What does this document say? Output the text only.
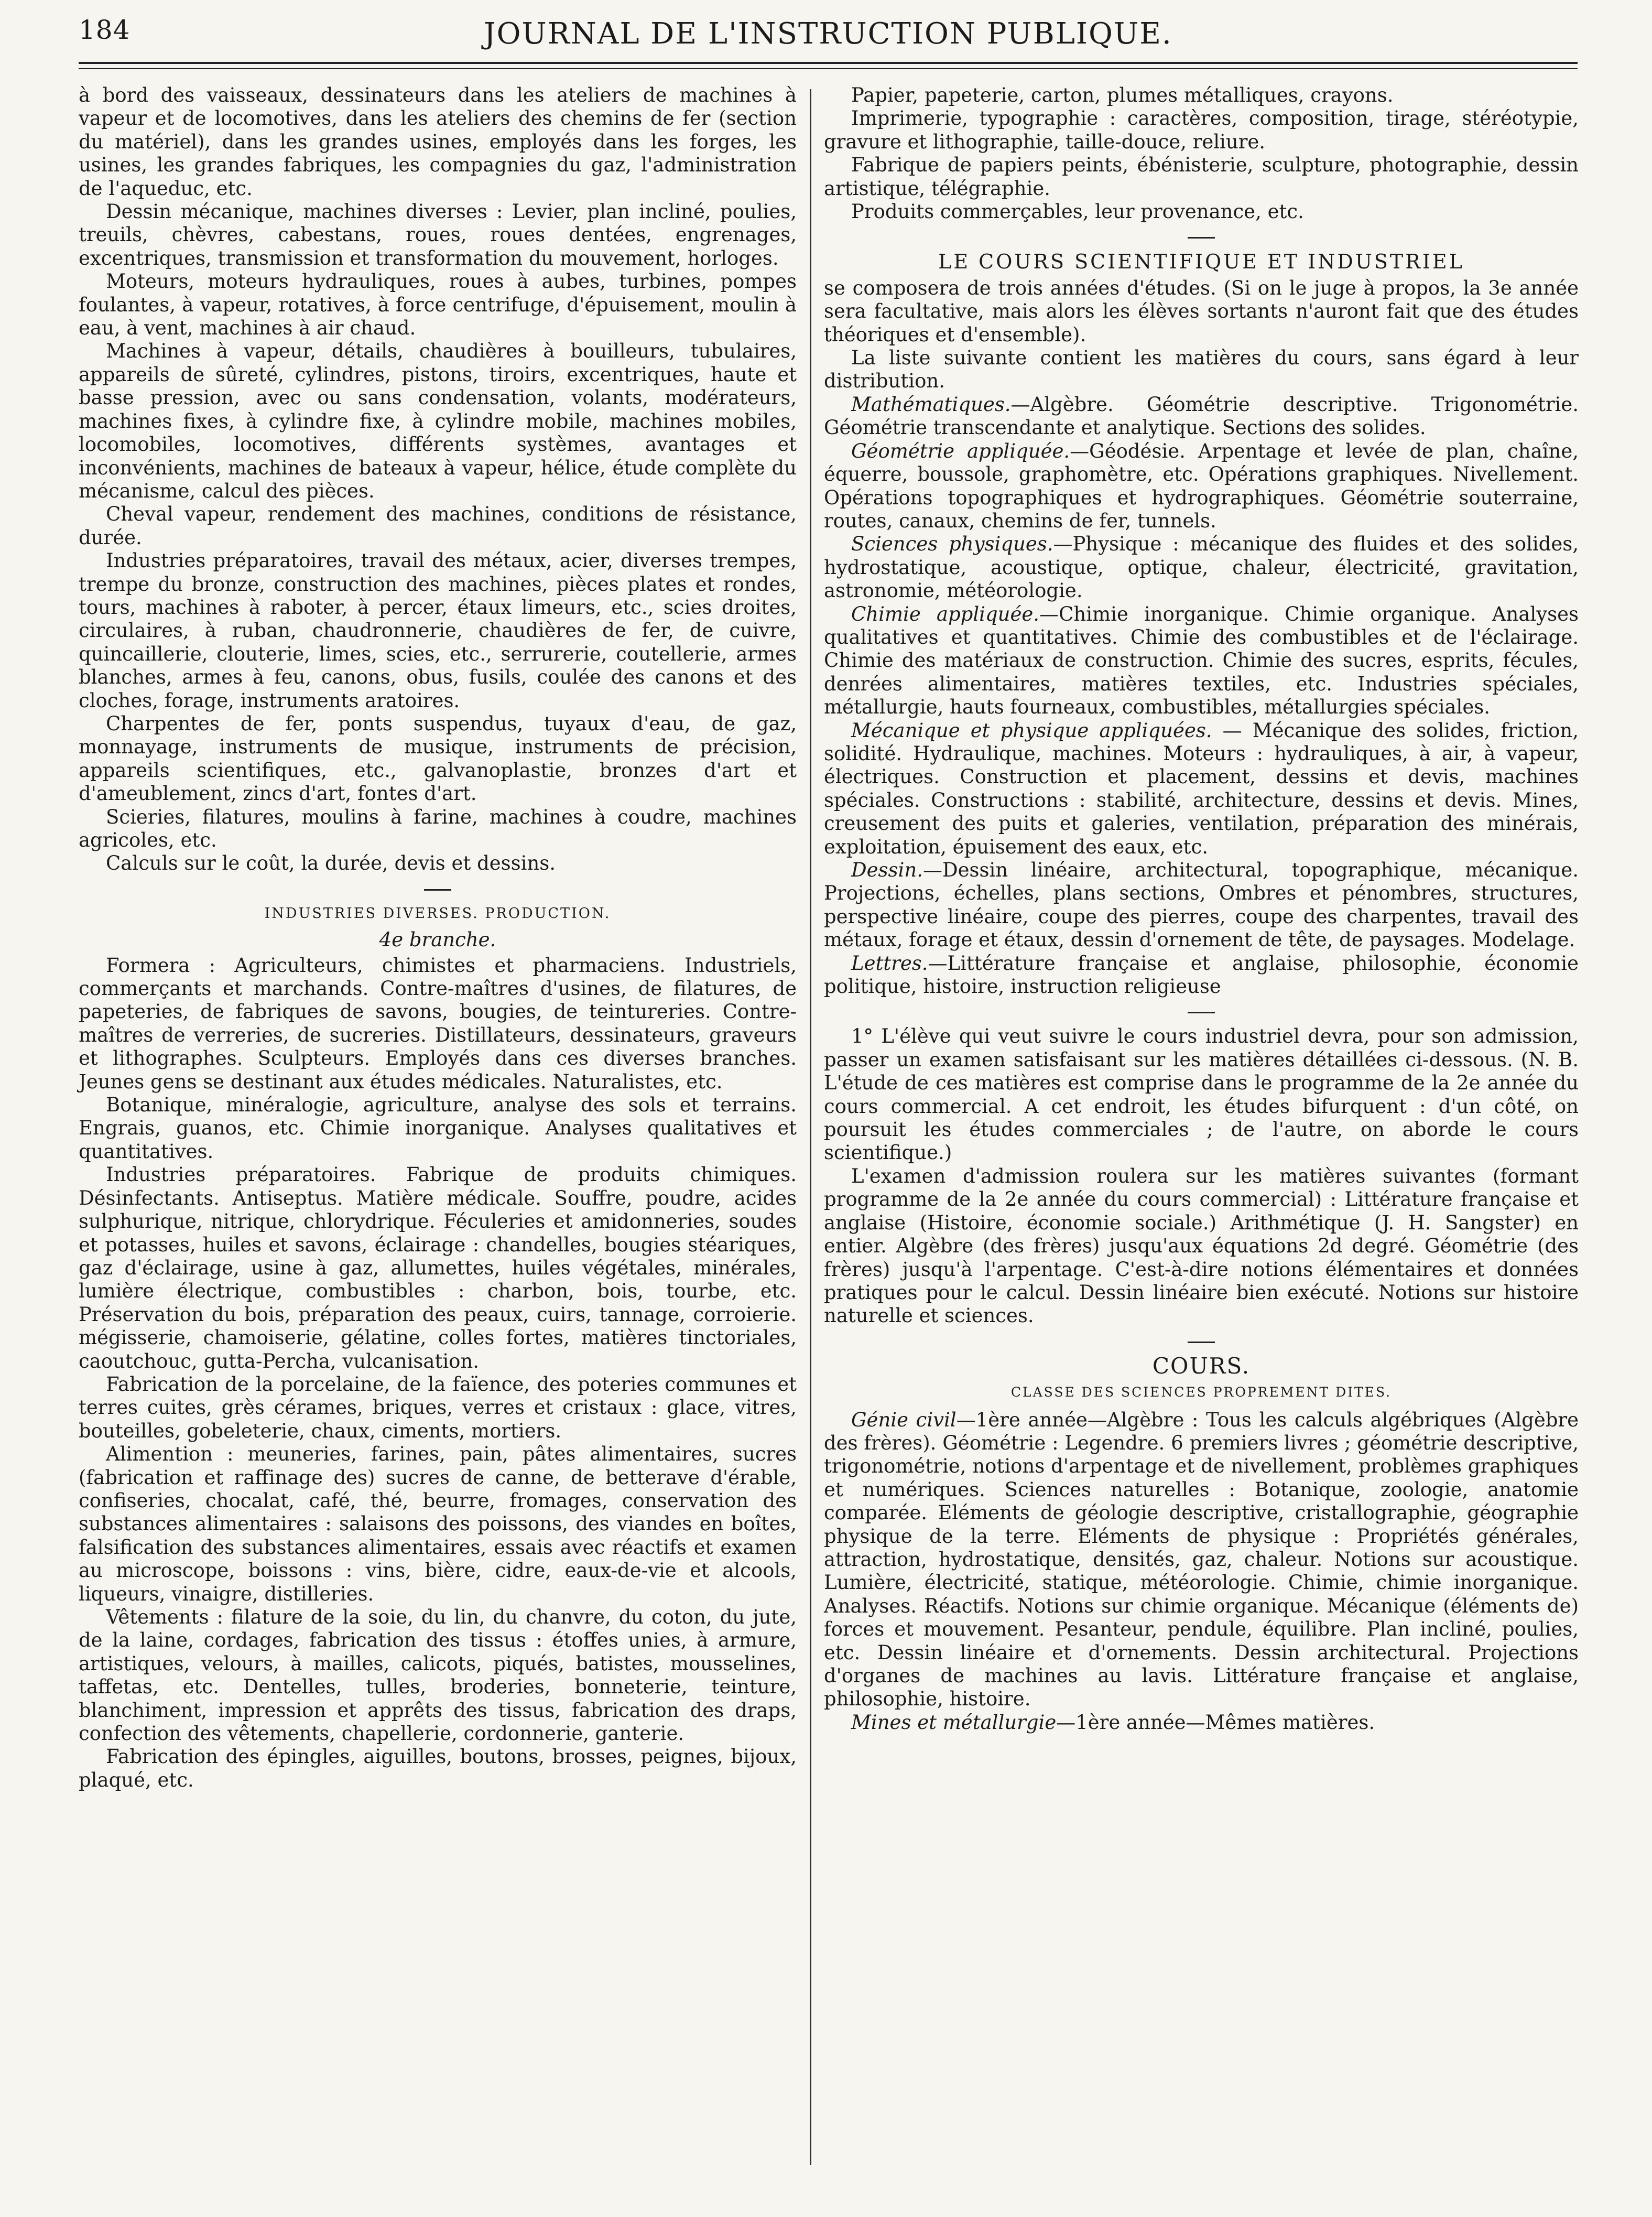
184	JOURNAL DE L'INSTRUCTION PUBLIQUE.

à bord des vaisseaux, dessinateurs dans les ateliers de machines à vapeur et de locomotives, dans les ateliers des chemins de fer (section du matériel), dans les grandes usines, employés dans les forges, les usines, les grandes fabriques, les compagnies du gaz, l'administration de l'aqueduc, etc.

Dessin mécanique, machines diverses : Levier, plan incliné, poulies, treuils, chèvres, cabestans, roues, roues dentées, engrenages, excentriques, transmission et transformation du mouvement, horloges.

Moteurs, moteurs hydrauliques, roues à aubes, turbines, pompes foulantes, à vapeur, rotatives, à force centrifuge, d'épuisement, moulin à eau, à vent, machines à air chaud.

Machines à vapeur, détails, chaudières à bouilleurs, tubulaires, appareils de sûreté, cylindres, pistons, tiroirs, excentriques, haute et basse pression, avec ou sans condensation, volants, modérateurs, machines fixes, à cylindre fixe, à cylindre mobile, machines mobiles, locomobiles, locomotives, différents systèmes, avantages et inconvénients, machines de bateaux à vapeur, hélice, étude complète du mécanisme, calcul des pièces.

Cheval vapeur, rendement des machines, conditions de résistance, durée.

Industries préparatoires, travail des métaux, acier, diverses trempes, trempe du bronze, construction des machines, pièces plates et rondes, tours, machines à raboter, à percer, étaux limeurs, etc., scies droites, circulaires, à ruban, chaudronnerie, chaudières de fer, de cuivre, quincaillerie, clouterie, limes, scies, etc., serrurerie, coutellerie, armes blanches, armes à feu, canons, obus, fusils, coulée des canons et des cloches, forage, instruments aratoires.

Charpentes de fer, ponts suspendus, tuyaux d'eau, de gaz, monnayage, instruments de musique, instruments de précision, appareils scientifiques, etc., galvanoplastie, bronzes d'art et d'ameublement, zincs d'art, fontes d'art.

Scieries, filatures, moulins à farine, machines à coudre, machines agricoles, etc.

Calculs sur le coût, la durée, devis et dessins.

INDUSTRIES DIVERSES. PRODUCTION.

4e branche.

Formera : Agriculteurs, chimistes et pharmaciens. Industriels, commerçants et marchands. Contre-maîtres d'usines, de filatures, de papeteries, de fabriques de savons, bougies, de teintureries. Contre-maîtres de verreries, de sucreries. Distillateurs, dessinateurs, graveurs et lithographes. Sculpteurs. Employés dans ces diverses branches. Jeunes gens se destinant aux études médicales. Naturalistes, etc.

Botanique, minéralogie, agriculture, analyse des sols et terrains. Engrais, guanos, etc. Chimie inorganique. Analyses qualitatives et quantitatives.

Industries préparatoires. Fabrique de produits chimiques. Désinfectants. Antiseptus. Matière médicale. Souffre, poudre, acides sulphurique, nitrique, chlorydrique. Féculeries et amidonneries, soudes et potasses, huiles et savons, éclairage : chandelles, bougies stéariques, gaz d'éclairage, usine à gaz, allumettes, huiles végétales, minérales, lumière électrique, combustibles : charbon, bois, tourbe, etc. Préservation du bois, préparation des peaux, cuirs, tannage, corroierie. mégisserie, chamoiserie, gélatine, colles fortes, matières tinctoriales, caoutchouc, gutta-Percha, vulcanisation.

Fabrication de la porcelaine, de la faïence, des poteries communes et terres cuites, grès cérames, briques, verres et cristaux : glace, vitres, bouteilles, gobeleterie, chaux, ciments, mortiers.

Alimention : meuneries, farines, pain, pâtes alimentaires, sucres (fabrication et raffinage des) sucres de canne, de betterave d'érable, confiseries, chocalat, café, thé, beurre, fromages, conservation des substances alimentaires : salaisons des poissons, des viandes en boîtes, falsification des substances alimentaires, essais avec réactifs et examen au microscope, boissons : vins, bière, cidre, eaux-de-vie et alcools, liqueurs, vinaigre, distilleries.

Vêtements : filature de la soie, du lin, du chanvre, du coton, du jute, de la laine, cordages, fabrication des tissus : étoffes unies, à armure, artistiques, velours, à mailles, calicots, piqués, batistes, mousselines, taffetas, etc. Dentelles, tulles, broderies, bonneterie, teinture, blanchiment, impression et apprêts des tissus, fabrication des draps, confection des vêtements, chapellerie, cordonnerie, ganterie.

Fabrication des épingles, aiguilles, boutons, brosses, peignes, bijoux, plaqué, etc.

Papier, papeterie, carton, plumes métalliques, crayons.

Imprimerie, typographie : caractères, composition, tirage, stéréotypie, gravure et lithographie, taille-douce, reliure.

Fabrique de papiers peints, ébénisterie, sculpture, photographie, dessin artistique, télégraphie.

Produits commerçables, leur provenance, etc.

LE COURS SCIENTIFIQUE ET INDUSTRIEL

se composera de trois années d'études. (Si on le juge à propos, la 3e année sera facultative, mais alors les élèves sortants n'auront fait que des études théoriques et d'ensemble).

La liste suivante contient les matières du cours, sans égard à leur distribution.

Mathématiques.—Algèbre. Géométrie descriptive. Trigonométrie. Géométrie transcendante et analytique. Sections des solides.

Géométrie appliquée.—Géodésie. Arpentage et levée de plan, chaîne, équerre, boussole, graphomètre, etc. Opérations graphiques. Nivellement. Opérations topographiques et hydrographiques. Géométrie souterraine, routes, canaux, chemins de fer, tunnels.

Sciences physiques.—Physique : mécanique des fluides et des solides, hydrostatique, acoustique, optique, chaleur, électricité, gravitation, astronomie, météorologie.

Chimie appliquée.—Chimie inorganique. Chimie organique. Analyses qualitatives et quantitatives. Chimie des combustibles et de l'éclairage. Chimie des matériaux de construction. Chimie des sucres, esprits, fécules, denrées alimentaires, matières textiles, etc. Industries spéciales, métallurgie, hauts fourneaux, combustibles, métallurgies spéciales.

Mécanique et physique appliquées. — Mécanique des solides, friction, solidité. Hydraulique, machines. Moteurs : hydrauliques, à air, à vapeur, électriques. Construction et placement, dessins et devis, machines spéciales. Constructions : stabilité, architecture, dessins et devis. Mines, creusement des puits et galeries, ventilation, préparation des minérais, exploitation, épuisement des eaux, etc.

Dessin.—Dessin linéaire, architectural, topographique, mécanique. Projections, échelles, plans sections, Ombres et pénombres, structures, perspective linéaire, coupe des pierres, coupe des charpentes, travail des métaux, forage et étaux, dessin d'ornement de tête, de paysages. Modelage.

Lettres.—Littérature française et anglaise, philosophie, économie politique, histoire, instruction religieuse

1° L'élève qui veut suivre le cours industriel devra, pour son admission, passer un examen satisfaisant sur les matières détaillées ci-dessous. (N. B. L'étude de ces matières est comprise dans le programme de la 2e année du cours commercial. A cet endroit, les études bifurquent : d'un côté, on poursuit les études commerciales ; de l'autre, on aborde le cours scientifique.)

L'examen d'admission roulera sur les matières suivantes (formant programme de la 2e année du cours commercial) : Littérature française et anglaise (Histoire, économie sociale.) Arithmétique (J. H. Sangster) en entier. Algèbre (des frères) jusqu'aux équations 2d degré. Géométrie (des frères) jusqu'à l'arpentage. C'est-à-dire notions élémentaires et données pratiques pour le calcul. Dessin linéaire bien exécuté. Notions sur histoire naturelle et sciences.

COURS.

CLASSE DES SCIENCES PROPREMENT DITES.

Génie civil—1ère année—Algèbre : Tous les calculs algébriques (Algèbre des frères). Géométrie : Legendre. 6 premiers livres ; géométrie descriptive, trigonométrie, notions d'arpentage et de nivellement, problèmes graphiques et numériques. Sciences naturelles : Botanique, zoologie, anatomie comparée. Eléments de géologie descriptive, cristallographie, géographie physique de la terre. Eléments de physique : Propriétés générales, attraction, hydrostatique, densités, gaz, chaleur. Notions sur acoustique. Lumière, électricité, statique, météorologie. Chimie, chimie inorganique. Analyses. Réactifs. Notions sur chimie organique. Mécanique (éléments de) forces et mouvement. Pesanteur, pendule, équilibre. Plan incliné, poulies, etc. Dessin linéaire et d'ornements. Dessin architectural. Projections d'organes de machines au lavis. Littérature française et anglaise, philosophie, histoire.

Mines et métallurgie—1ère année—Mêmes matières.
